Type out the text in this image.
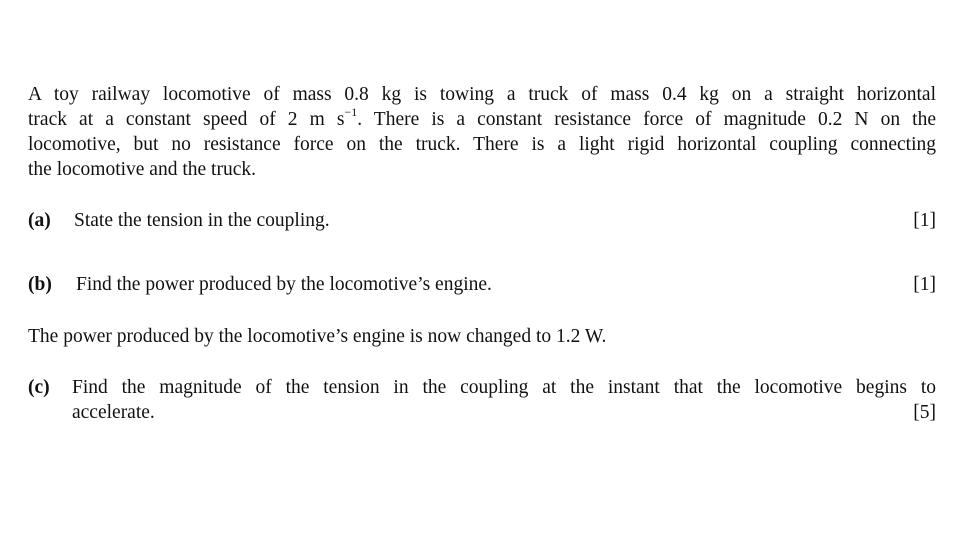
A toy railway locomotive of mass 0.8 kg is towing a truck of mass 0.4 kg on a straight horizontal
track at a constant speed of 2 m $s^{-1}$. There is a constant resistance force of magnitude 0.2 N on the
locomotive, but no resistance force on the truck. There is a light rigid horizontal coupling connecting
the locomotive and the truck.
(a) State the tension in the coupling.	[1]
(b) Find the power produced by the locomotive’s engine.	[1]
The power produced by the locomotive’s engine is now changed to 1.2 W.
(c) Find the magnitude of the tension in the coupling at the instant that the locomotive begins to
accelerate.	[5]
